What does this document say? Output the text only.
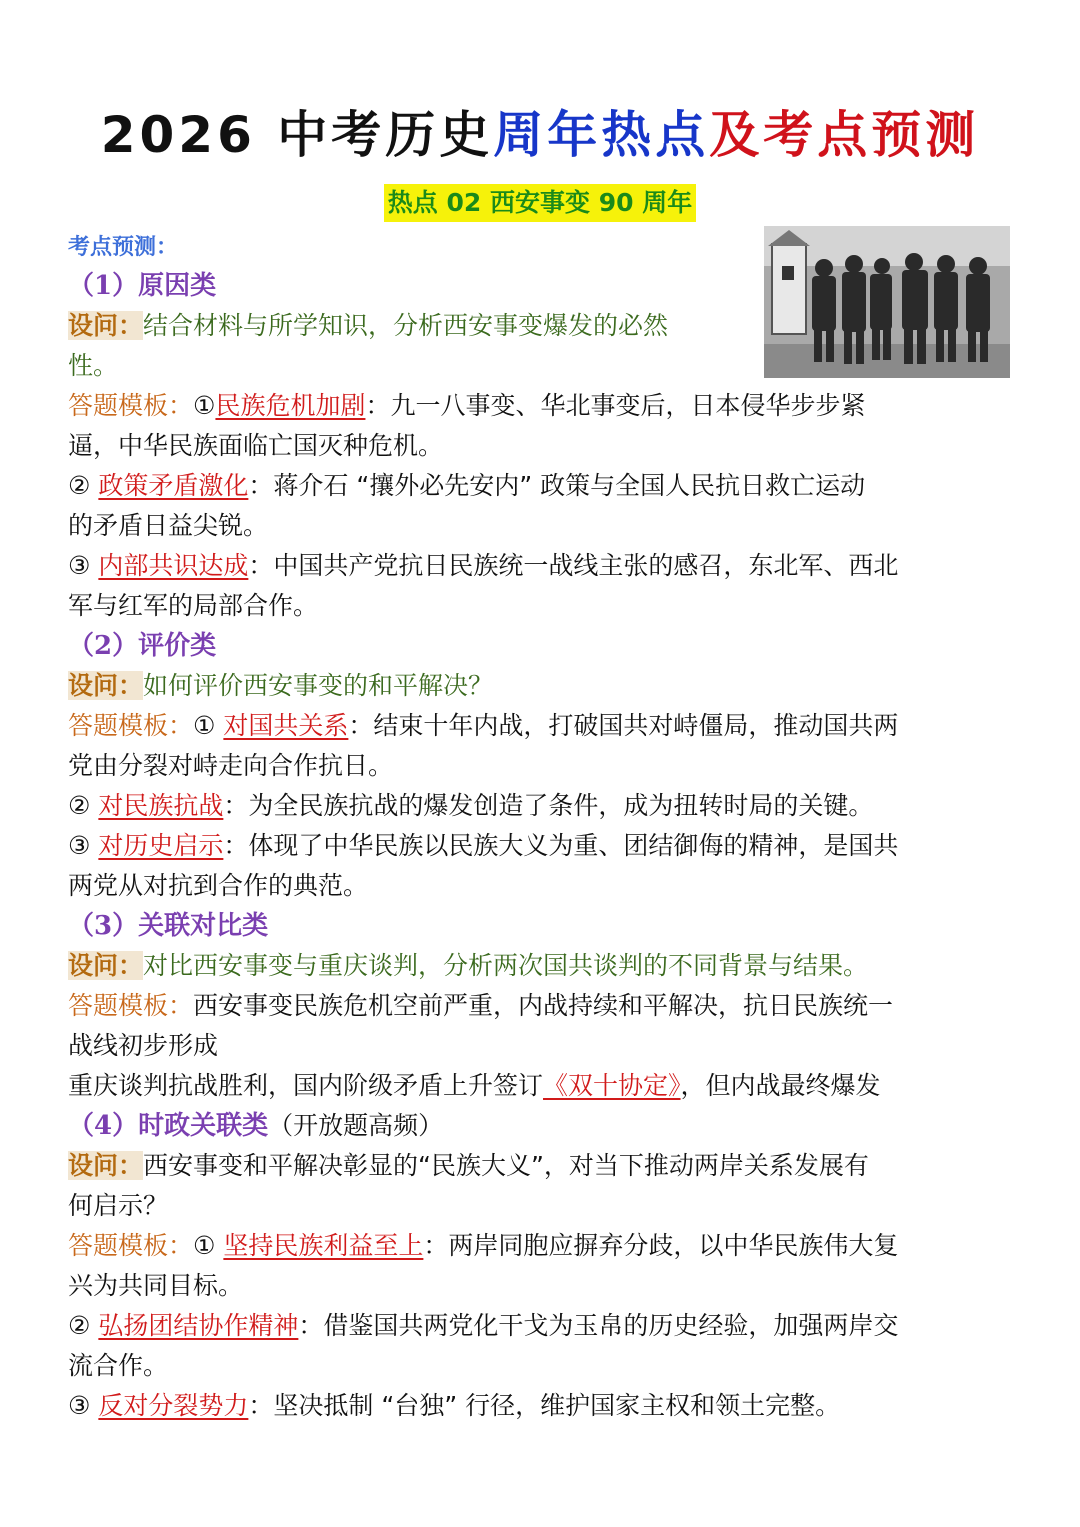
2026 中考历史周年热点及考点预测
热点 02 西安事变 90 周年
考点预测：
（1）原因类
设问：结合材料与所学知识，分析西安事变爆发的必然
性。
答题模板：①民族危机加剧：九一八事变、华北事变后，日本侵华步步紧
逼，中华民族面临亡国灭种危机。
② 政策矛盾激化：蒋介石 “攘外必先安内” 政策与全国人民抗日救亡运动
的矛盾日益尖锐。
③ 内部共识达成：中国共产党抗日民族统一战线主张的感召，东北军、西北
军与红军的局部合作。
（2）评价类
设问：如何评价西安事变的和平解决？
答题模板：① 对国共关系：结束十年内战，打破国共对峙僵局，推动国共两
党由分裂对峙走向合作抗日。
② 对民族抗战：为全民族抗战的爆发创造了条件，成为扭转时局的关键。
③ 对历史启示：体现了中华民族以民族大义为重、团结御侮的精神，是国共
两党从对抗到合作的典范。
（3）关联对比类
设问：对比西安事变与重庆谈判，分析两次国共谈判的不同背景与结果。
答题模板：西安事变民族危机空前严重，内战持续和平解决，抗日民族统一
战线初步形成
重庆谈判抗战胜利，国内阶级矛盾上升签订《双十协定》，但内战最终爆发
（4）时政关联类（开放题高频）
设问：西安事变和平解决彰显的“民族大义”，对当下推动两岸关系发展有
何启示？
答题模板：① 坚持民族利益至上：两岸同胞应摒弃分歧，以中华民族伟大复
兴为共同目标。
② 弘扬团结协作精神：借鉴国共两党化干戈为玉帛的历史经验，加强两岸交
流合作。
③ 反对分裂势力：坚决抵制 “台独” 行径，维护国家主权和领土完整。
